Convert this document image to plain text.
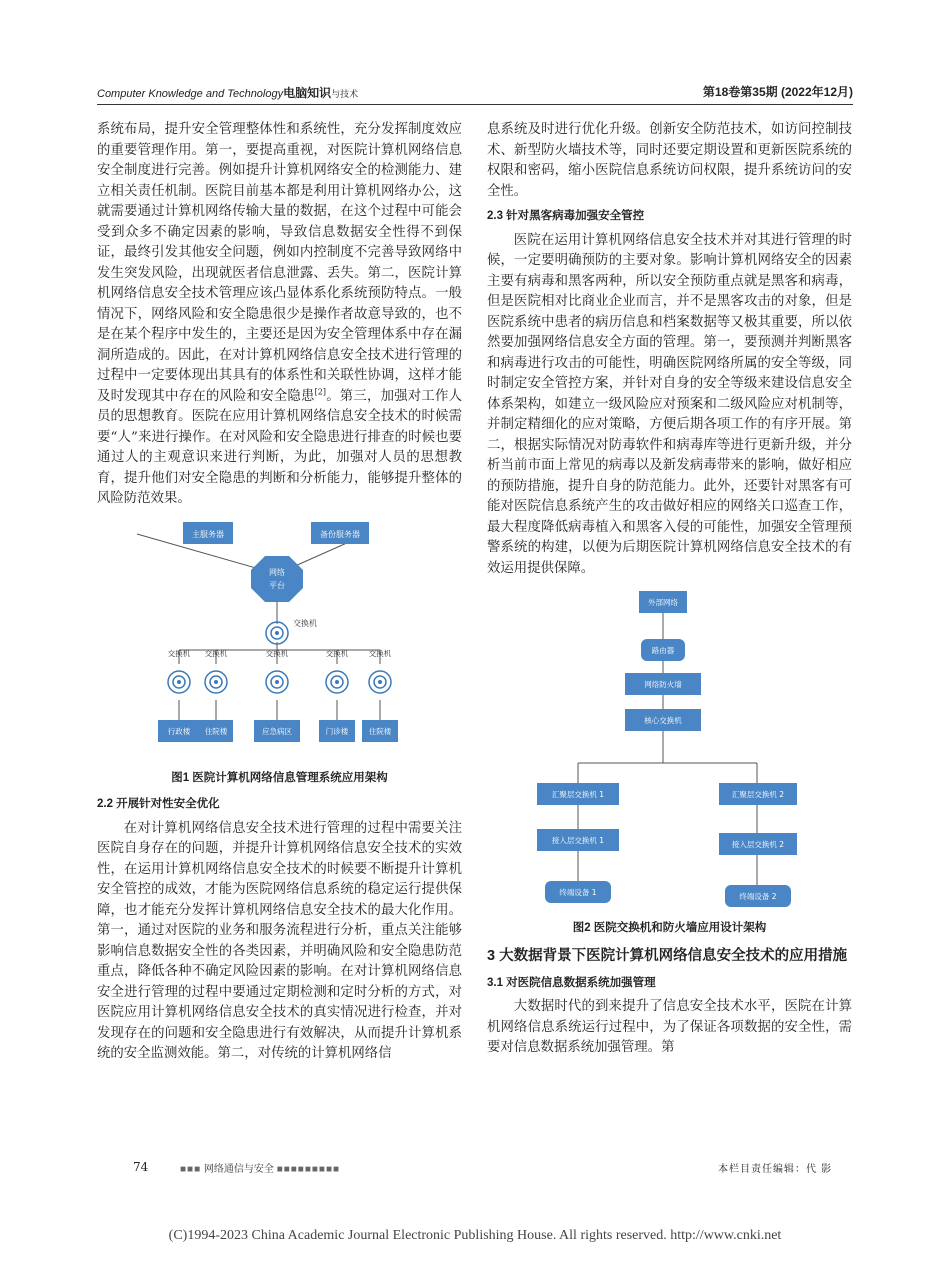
Computer Knowledge and Technology电脑知识与技术	第18卷第35期 (2022年12月)

系统布局，提升安全管理整体性和系统性，充分发挥制度效应的重要管理作用。第一，要提高重视，对医院计算机网络信息安全制度进行完善。例如提升计算机网络安全的检测能力、建立相关责任机制。医院目前基本都是利用计算机网络办公，这就需要通过计算机网络传输大量的数据，在这个过程中可能会受到众多不确定因素的影响，导致信息数据安全性得不到保证，最终引发其他安全问题，例如内控制度不完善导致网络中发生突发风险，出现就医者信息泄露、丢失。第二，医院计算机网络信息安全技术管理应该凸显体系化系统预防特点。一般情况下，网络风险和安全隐患很少是操作者故意导致的，也不是在某个程序中发生的，主要还是因为安全管理体系中存在漏洞所造成的。因此，在对计算机网络信息安全技术进行管理的过程中一定要体现出其具有的体系性和关联性协调，这样才能及时发现其中存在的风险和安全隐患[2]。第三，加强对工作人员的思想教育。医院在应用计算机网络信息安全技术的时候需要“人”来进行操作。在对风险和安全隐患进行排查的时候也要通过人的主观意识来进行判断，为此，加强对人员的思想教育，提升他们对安全隐患的判断和分析能力，能够提升整体的风险防范效果。

主服务器	备份服务器
网络
平台
交换机
交换机
行政楼
交换机
住院楼
交换机
应急病区
交换机
门诊楼
交换机
住院楼
图1 医院计算机网络信息管理系统应用架构
2.2 开展针对性安全优化

在对计算机网络信息安全技术进行管理的过程中需要关注医院自身存在的问题，并提升计算机网络信息安全技术的实效性，在运用计算机网络信息安全技术的时候要不断提升计算机安全管控的成效，才能为医院网络信息系统的稳定运行提供保障，也才能充分发挥计算机网络信息安全技术的最大化作用。第一，通过对医院的业务和服务流程进行分析，重点关注能够影响信息数据安全性的各类因素，并明确风险和安全隐患防范重点，降低各种不确定风险因素的影响。在对计算机网络信息安全进行管理的过程中要通过定期检测和定时分析的方式，对医院应用计算机网络信息安全技术的真实情况进行检查，并对发现存在的问题和安全隐患进行有效解决，从而提升计算机系统的安全监测效能。第二，对传统的计算机网络信

息系统及时进行优化升级。创新安全防范技术，如访问控制技术、新型防火墙技术等，同时还要定期设置和更新医院系统的权限和密码，缩小医院信息系统访问权限，提升系统访问的安全性。

2.3 针对黑客病毒加强安全管控

医院在运用计算机网络信息安全技术并对其进行管理的时候，一定要明确预防的主要对象。影响计算机网络安全的因素主要有病毒和黑客两种，所以安全预防重点就是黑客和病毒，但是医院相对比商业企业而言，并不是黑客攻击的对象，但是医院系统中患者的病历信息和档案数据等又极其重要，所以依然要加强网络信息安全方面的管理。第一，要预测并判断黑客和病毒进行攻击的可能性，明确医院网络所属的安全等级，同时制定安全管控方案，并针对自身的安全等级来建设信息安全体系架构，如建立一级风险应对预案和二级风险应对机制等，并制定精细化的应对策略，方便后期各项工作的有序开展。第二，根据实际情况对防毒软件和病毒库等进行更新升级，并分析当前市面上常见的病毒以及新发病毒带来的影响，做好相应的预防措施，提升自身的防范能力。此外，还要针对黑客有可能对医院信息系统产生的攻击做好相应的网络关口巡查工作，最大程度降低病毒植入和黑客入侵的可能性，加强安全管理预警系统的构建，以便为后期医院计算机网络信息安全技术的有效运用提供保障。

外部网络
路由器
网络防火墙
核心交换机
汇聚层交换机 1	汇聚层交换机 2
接入层交换机 1	接入层交换机 2
终端设备 1	终端设备 2
图2 医院交换机和防火墙应用设计架构
3 大数据背景下医院计算机网络信息安全技术的应用措施
3.1 对医院信息数据系统加强管理

大数据时代的到来提升了信息安全技术水平，医院在计算机网络信息系统运行过程中，为了保证各项数据的安全性，需要对信息数据系统加强管理。第

74	■■■ 网络通信与安全 ■■■■■■■■■	本栏目责任编辑：代 影
(C)1994-2023 China Academic Journal Electronic Publishing House. All rights reserved. http://www.cnki.net
